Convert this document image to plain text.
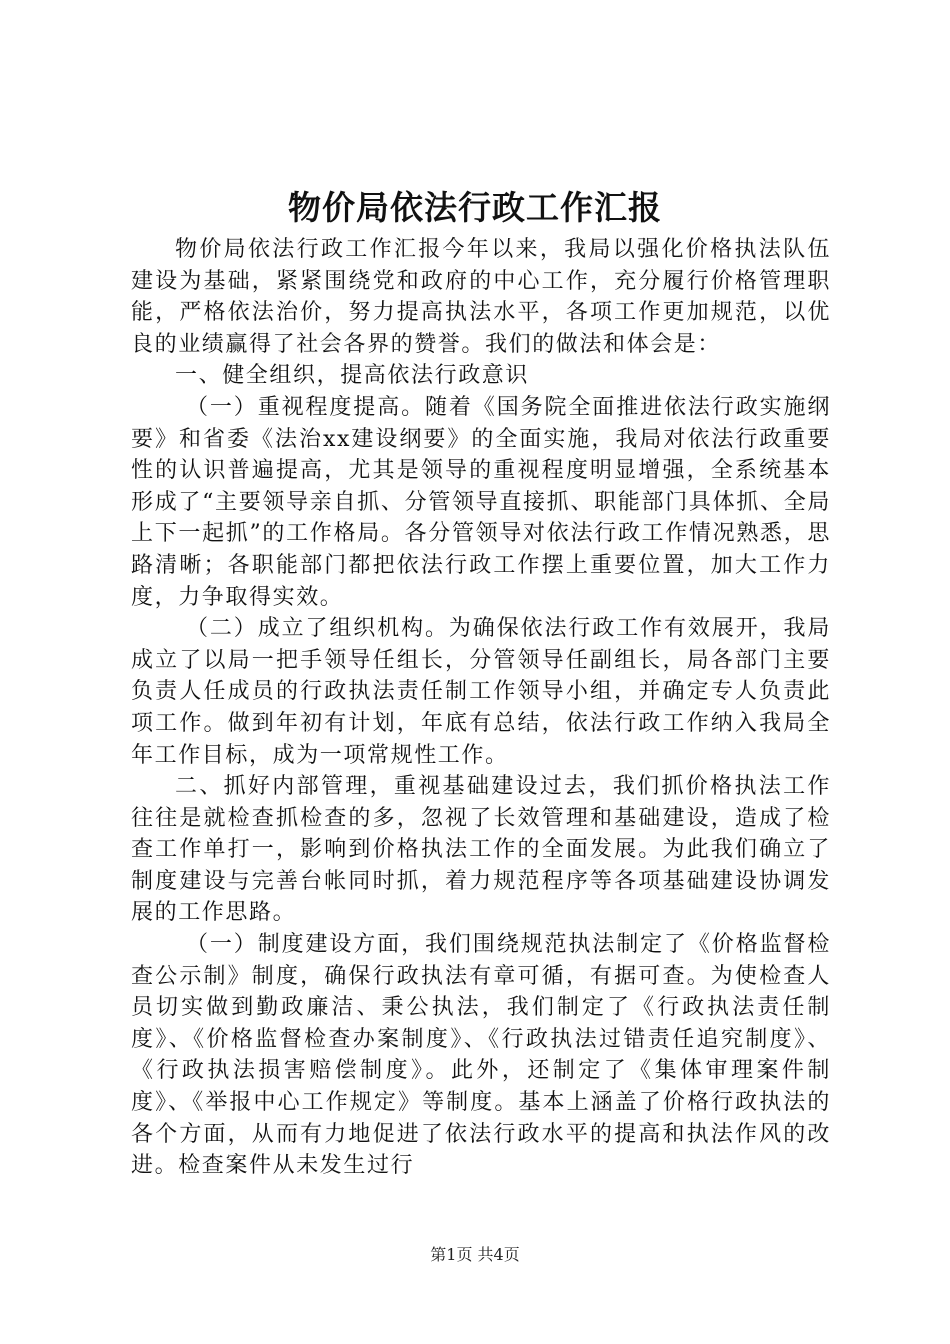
物价局依法行政工作汇报

物价局依法行政工作汇报今年以来，我局以强化价格执法队伍建设为基础，紧紧围绕党和政府的中心工作，充分履行价格管理职能，严格依法治价，努力提高执法水平，各项工作更加规范，以优良的业绩赢得了社会各界的赞誉。我们的做法和体会是：

一、健全组织，提高依法行政意识

（一）重视程度提高。随着《国务院全面推进依法行政实施纲要》和省委《法治xx建设纲要》的全面实施，我局对依法行政重要性的认识普遍提高，尤其是领导的重视程度明显增强，全系统基本形成了“主要领导亲自抓、分管领导直接抓、职能部门具体抓、全局上下一起抓”的工作格局。各分管领导对依法行政工作情况熟悉，思路清晰；各职能部门都把依法行政工作摆上重要位置，加大工作力度，力争取得实效。

（二）成立了组织机构。为确保依法行政工作有效展开，我局成立了以局一把手领导任组长，分管领导任副组长，局各部门主要负责人任成员的行政执法责任制工作领导小组，并确定专人负责此项工作。做到年初有计划，年底有总结，依法行政工作纳入我局全年工作目标，成为一项常规性工作。

二、抓好内部管理，重视基础建设过去，我们抓价格执法工作往往是就检查抓检查的多，忽视了长效管理和基础建设，造成了检查工作单打一，影响到价格执法工作的全面发展。为此我们确立了制度建设与完善台帐同时抓，着力规范程序等各项基础建设协调发展的工作思路。

（一）制度建设方面，我们围绕规范执法制定了《价格监督检查公示制》制度，确保行政执法有章可循，有据可查。为使检查人员切实做到勤政廉洁、秉公执法，我们制定了《行政执法责任制度》、《价格监督检查办案制度》、《行政执法过错责任追究制度》、《行政执法损害赔偿制度》。此外，还制定了《集体审理案件制度》、《举报中心工作规定》等制度。基本上涵盖了价格行政执法的各个方面，从而有力地促进了依法行政水平的提高和执法作风的改进。检查案件从未发生过行

第1页 共4页
